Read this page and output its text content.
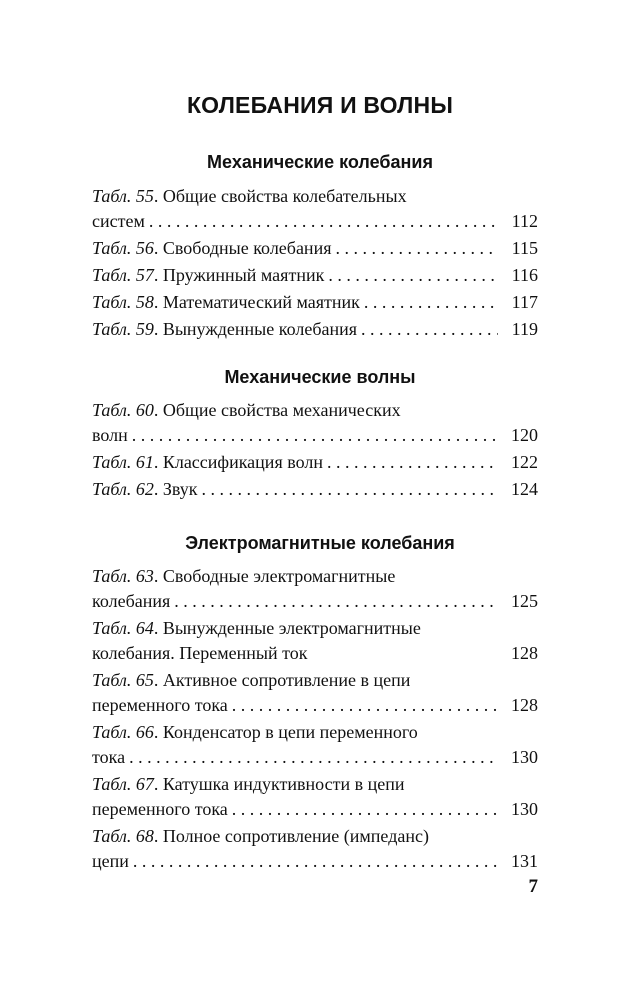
КОЛЕБАНИЯ И ВОЛНЫ
Механические колебания
Табл. 55. Общие свойства колебательных
систем . . .	112
Табл. 56. Свободные колебания . . .	115
Табл. 57. Пружинный маятник . . .	116
Табл. 58. Математический маятник . . .	117
Табл. 59. Вынужденные колебания . . .	119
Механические волны
Табл. 60. Общие свойства механических
волн . . .	120
Табл. 61. Классификация волн . . .	122
Табл. 62. Звук . . .	124
Электромагнитные колебания
Табл. 63. Свободные электромагнитные
колебания . . .	125
Табл. 64. Вынужденные электромагнитные
колебания. Переменный ток	128
Табл. 65. Активное сопротивление в цепи
переменного тока . . .	128
Табл. 66. Конденсатор в цепи переменного
тока . . .	130
Табл. 67. Катушка индуктивности в цепи
переменного тока . . .	130
Табл. 68. Полное сопротивление (импеданс)
цепи . . .	131
7
